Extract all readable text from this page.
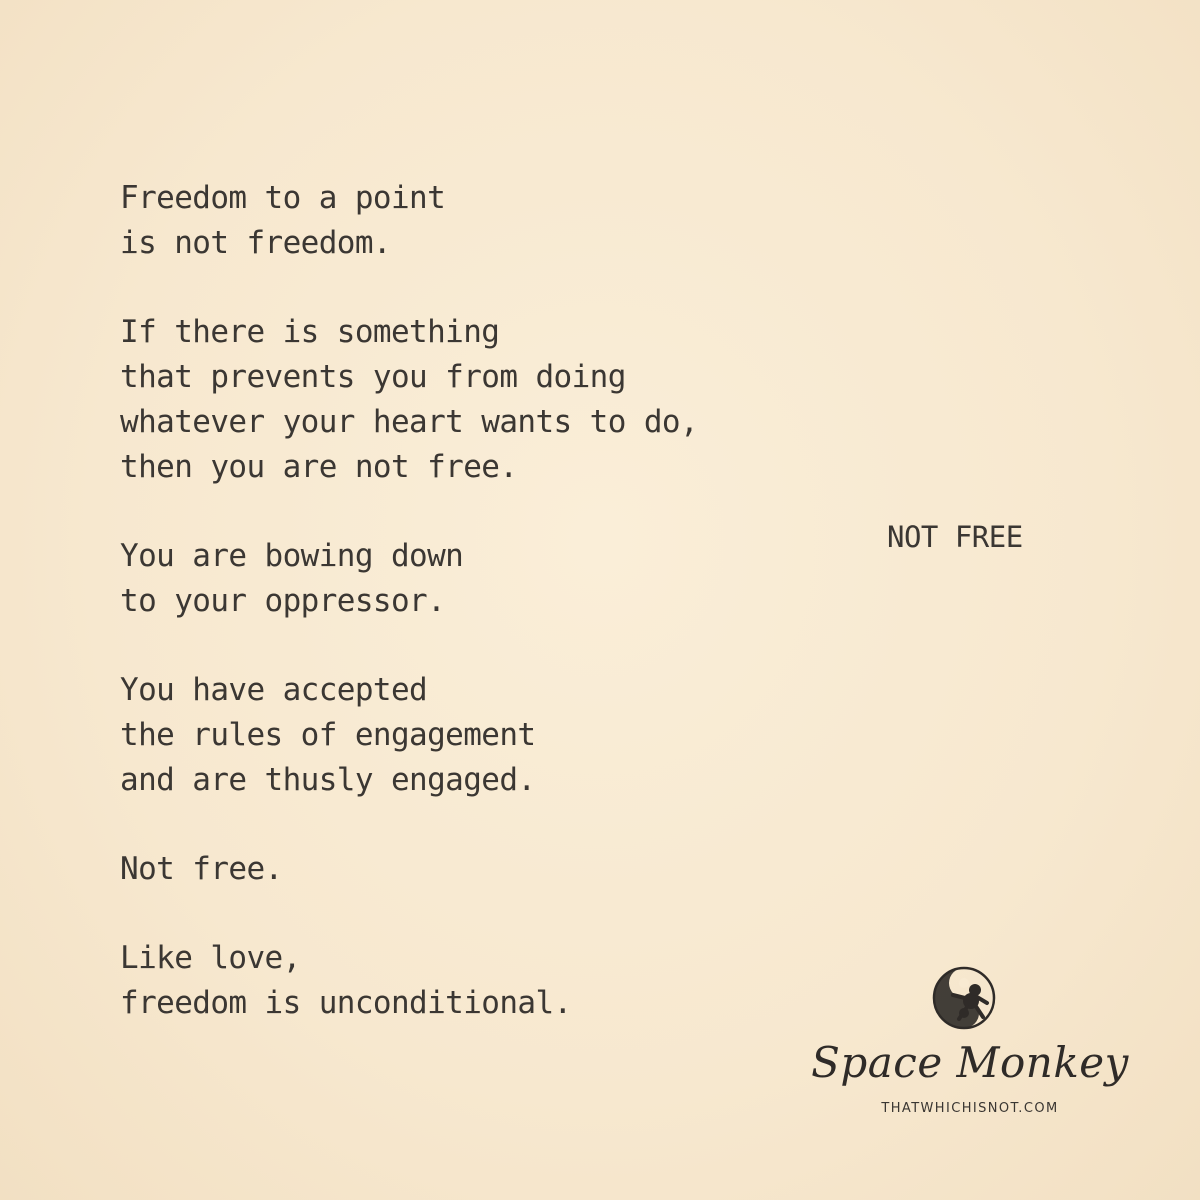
Freedom to a point
is not freedom.
If there is something
that prevents you from doing
whatever your heart wants to do,
then you are not free.
You are bowing down
to your oppressor.
You have accepted
the rules of engagement
and are thusly engaged.
Not free.
Like love,
freedom is unconditional.
NOT FREE
Space Monkey
THATWHICHISNOT.COM
